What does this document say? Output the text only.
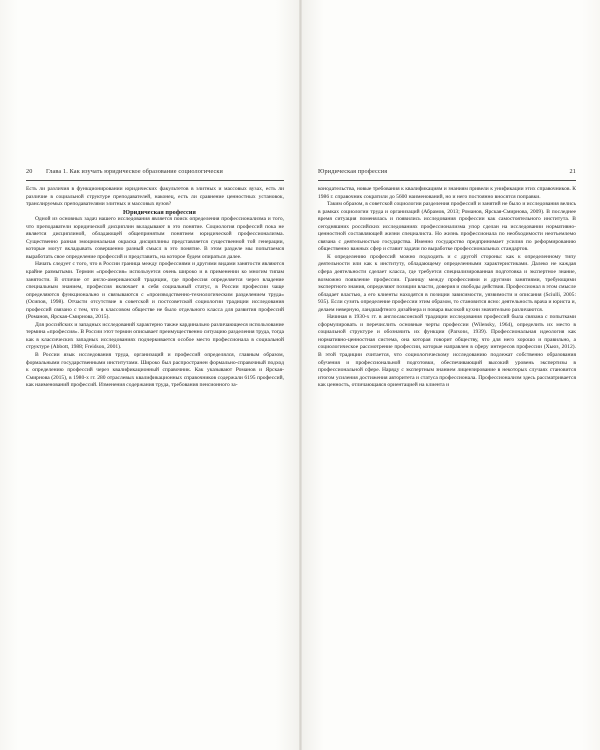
20 Глава 1. Как изучать юридическое образование социологически

Есть ли различия в функционировании юридических факультетов в элитных и массовых вузах, есть ли различие в социальной структуре преподавателей, наконец, есть ли сравнение ценностных установок, транслируемых преподавателями элитных и массовых вузов?

Юридическая профессия

Одной из основных задач нашего исследования является поиск определения профессионализма и того, что преподаватели юридической дисциплин вкладывают в это понятие. Социология профессий пока не является дисциплиной, обладающей общепринятым понятием юридической профессионализма. Существенно разная эмоциональная окраска дисциплины представляется существенной той генерации, которые могут вкладывать совершенно разный смысл в это понятие. В этом разделе мы попытаемся выработать свое определение профессий и представить, на которое будем опираться далее.

Начать следует с того, что в России граница между профессиями и другими видами занятости являются крайне размытыми. Термин «профессия» используется очень широко и в применении ко многим типам занятости. В отличие от англо-американской традиции, где профессия определяется через владение специальным знанием, профессия включает в себя социальный статус, в России профессии чаще определяются функционально и связываются с «производственно-технологическим разделением труда» (Осипов, 1998). Отчасти отсутствие в советской и постсоветской социологии традиции исследования профессий связано с тем, что в классовом обществе не было отдельного класса для развития профессий (Романов, Ярская-Смирнова, 2015).

Для российских и западных исследований характерно также кардинально различающееся использование термина «профессия». В России этот термин описывает преимущественно ситуацию разделения труда, тогда как в классических западных исследованиях подчеркивается особое место профессионала в социальной структуре (Abbott, 1988; Freidson, 2001).

В России язык исследования труда, организаций и профессий определялся, главным образом, формальными государственными институтами. Широко был распространен формально-справочный подход к определению профессий через квалификационный справочник. Как указывают Романов и Ярская-Смирнова (2015), в 1980-х гг. 280 отраслевых квалификационных справочников содержали 6195 профессий, как наименований профессий. Изменения содержания труда, требования пенсионного за-

Юридическая профессия	21

конодательства, новые требования к квалификациям и знаниям привели к унификации этих справочников. К 1986 г. справочник сократили до 5600 наименований, но и него постоянно вносятся поправки.

Таким образом, в советской социологии разделения профессий и занятий не было и исследования велись в рамках социологии труда и организаций (Абрамов, 2013; Романов, Ярская-Смирнова, 2009). В последнее время ситуация поменялась и появились исследования профессии как самостоятельного института. В сегодняшних российских исследованиях профессионализма упор сделан на исследовании нормативно-ценностной составляющей жизни специалиста. Но жизнь профессионала по необходимости неотъемлемо связана с деятельностью государства. Именно государство предпринимает усилия по реформированию общественно важных сфер и ставит задачи по выработке профессиональных стандартов.

К определению профессий можно подходить и с другой стороны: как к определенному типу деятельности или как к институту, обладающему определенными характеристиками. Далеко не каждая сфера деятельности сделает класса, где требуется специализированная подготовка и экспертное знание, возможно появление профессии. Границу между профессиями и другими занятиями, требующими экспертного знания, определяют позиции власти, доверия и свободы действия. Профессионал в этом смысле обладает властью, а его клиенты находятся в позиции зависимости, уязвимости и описания (Sciulli, 2005: 935). Если сузить определение профессии этим образом, то становится ясно: деятельность врача и юриста и, делаем неверную, ландшафтного дизайнера и повара высокой кухни значительно различаются.

Начиная в 1930-х гг. в англосаксонской традиции исследования профессий была связана с попытками сформулировать и перечислить основные черты профессии (Wilensky, 1964), определить их место в социальной структуре и обозначить их функции (Parsons, 1939). Профессиональная идеология как нормативно-ценностная система, она которая говорит обществу, что для него хорошо и правильно, а социологическое рассмотрение профессии, которые направлен в сферу интересов профессии (Хьюз, 2012). В этой традиции считается, что социологическому исследованию подлежат собственно образования обучения и профессиональной подготовки, обеспечивающий высокий уровень экспертизы в профессиональной сфере. Наряду с экспертным знанием лицензирование в некоторых случаях становится итогом усиления достижения авторитета и статуса профессионала. Профессионализм здесь рассматривается как ценность, отличающаяся ориентацией на клиента и
